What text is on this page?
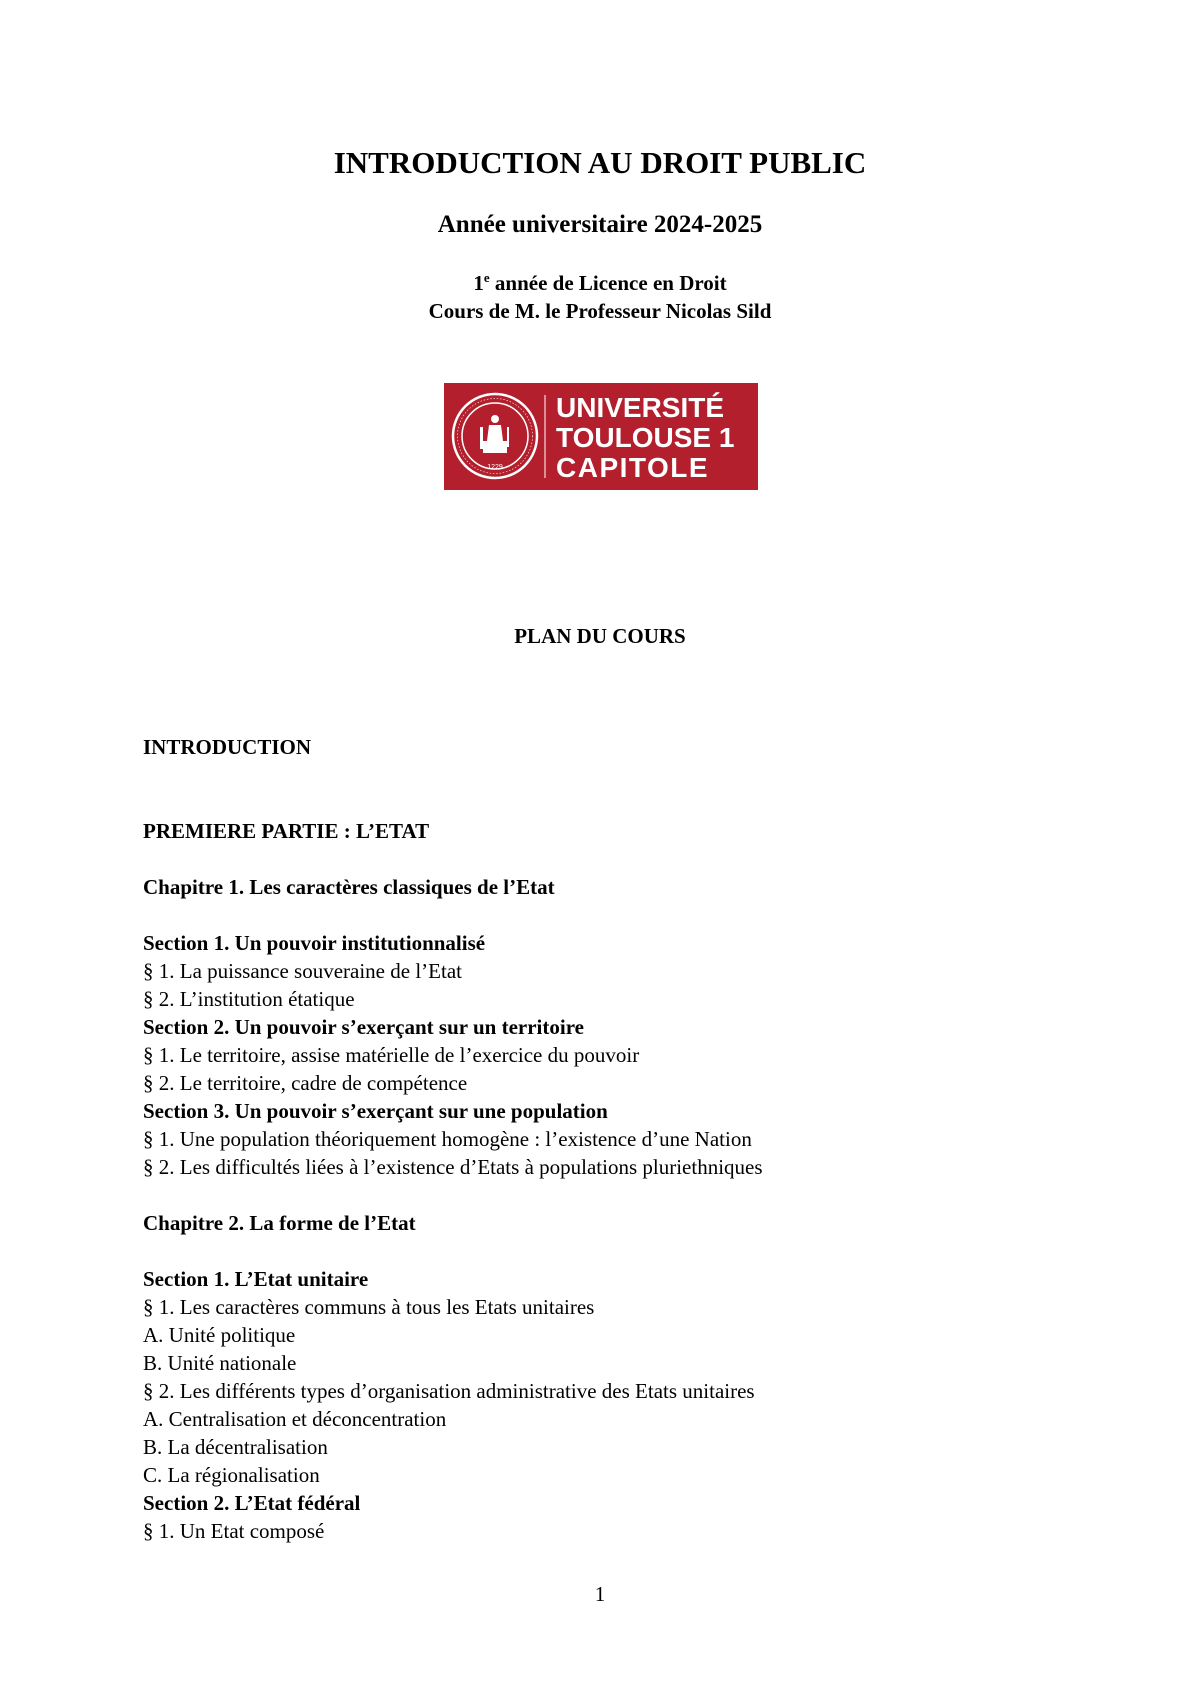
INTRODUCTION AU DROIT PUBLIC
Année universitaire 2024-2025
1e année de Licence en Droit
Cours de M. le Professeur Nicolas Sild
1229
UNIVERSITÉ
TOULOUSE 1
CAPITOLE
PLAN DU COURS
INTRODUCTION
PREMIERE PARTIE : L’ETAT
Chapitre 1. Les caractères classiques de l’Etat
Section 1. Un pouvoir institutionnalisé
§ 1. La puissance souveraine de l’Etat
§ 2. L’institution étatique
Section 2. Un pouvoir s’exerçant sur un territoire
§ 1. Le territoire, assise matérielle de l’exercice du pouvoir
§ 2. Le territoire, cadre de compétence
Section 3. Un pouvoir s’exerçant sur une population
§ 1. Une population théoriquement homogène : l’existence d’une Nation
§ 2. Les difficultés liées à l’existence d’Etats à populations pluriethniques
Chapitre 2. La forme de l’Etat
Section 1. L’Etat unitaire
§ 1. Les caractères communs à tous les Etats unitaires
A. Unité politique
B. Unité nationale
§ 2. Les différents types d’organisation administrative des Etats unitaires
A. Centralisation et déconcentration
B. La décentralisation
C. La régionalisation
Section 2. L’Etat fédéral
§ 1. Un Etat composé
1
